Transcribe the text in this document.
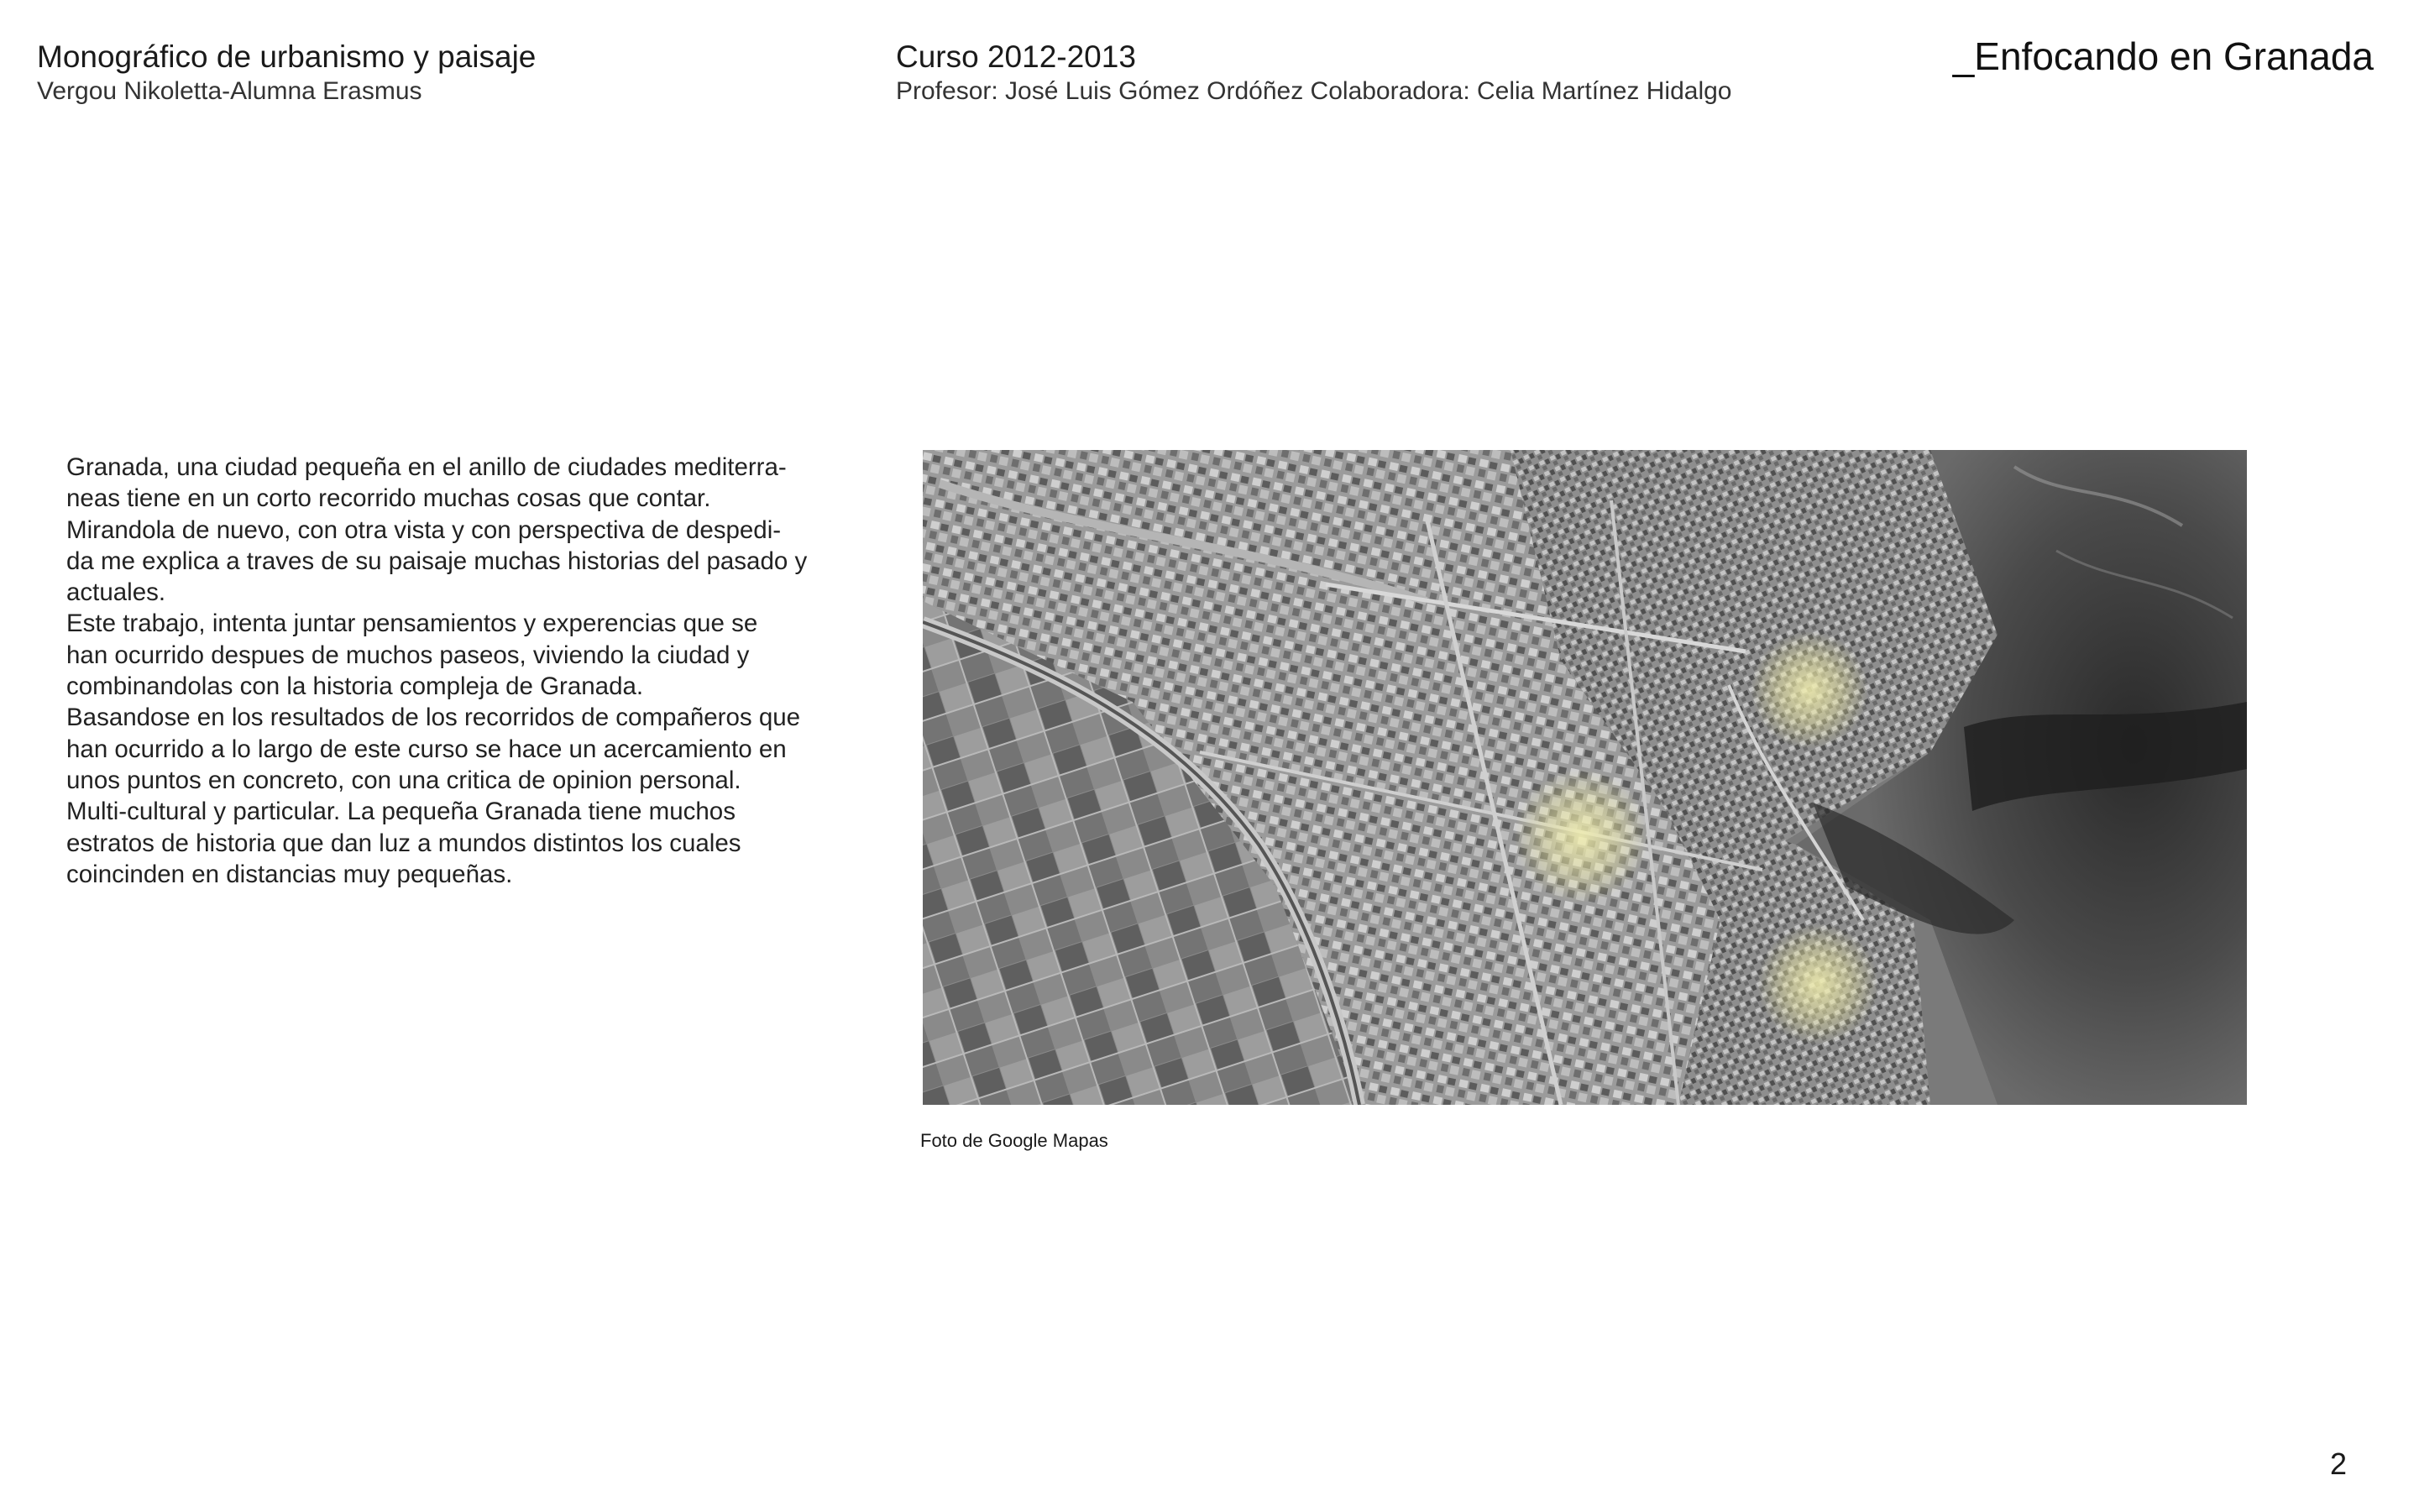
Monográfico de urbanismo y paisaje
Vergou Nikoletta-Alumna Erasmus
Curso 2012-2013
Profesor: José Luis Gómez Ordóñez Colaboradora: Celia Martínez Hidalgo
_Enfocando en Granada
Granada, una ciudad pequeña en el anillo de ciudades mediterra-
neas tiene en un corto recorrido muchas cosas que contar.
Mirandola de nuevo, con otra vista y con perspectiva de despedi-
da me explica a traves de su paisaje muchas historias del pasado y
actuales.
Este trabajo, intenta juntar pensamientos y experencias que se
han ocurrido despues de muchos paseos, viviendo la ciudad y
combinandolas con la historia compleja de Granada.
Basandose en los resultados de los recorridos de compañeros que
han ocurrido a lo largo de este curso se hace un acercamiento en
unos puntos en concreto, con una critica de opinion personal.
Multi-cultural y particular. La pequeña Granada tiene muchos
estratos de historia que dan luz a mundos distintos los cuales
coincinden en distancias muy pequeñas.
Foto de Google Mapas
2
